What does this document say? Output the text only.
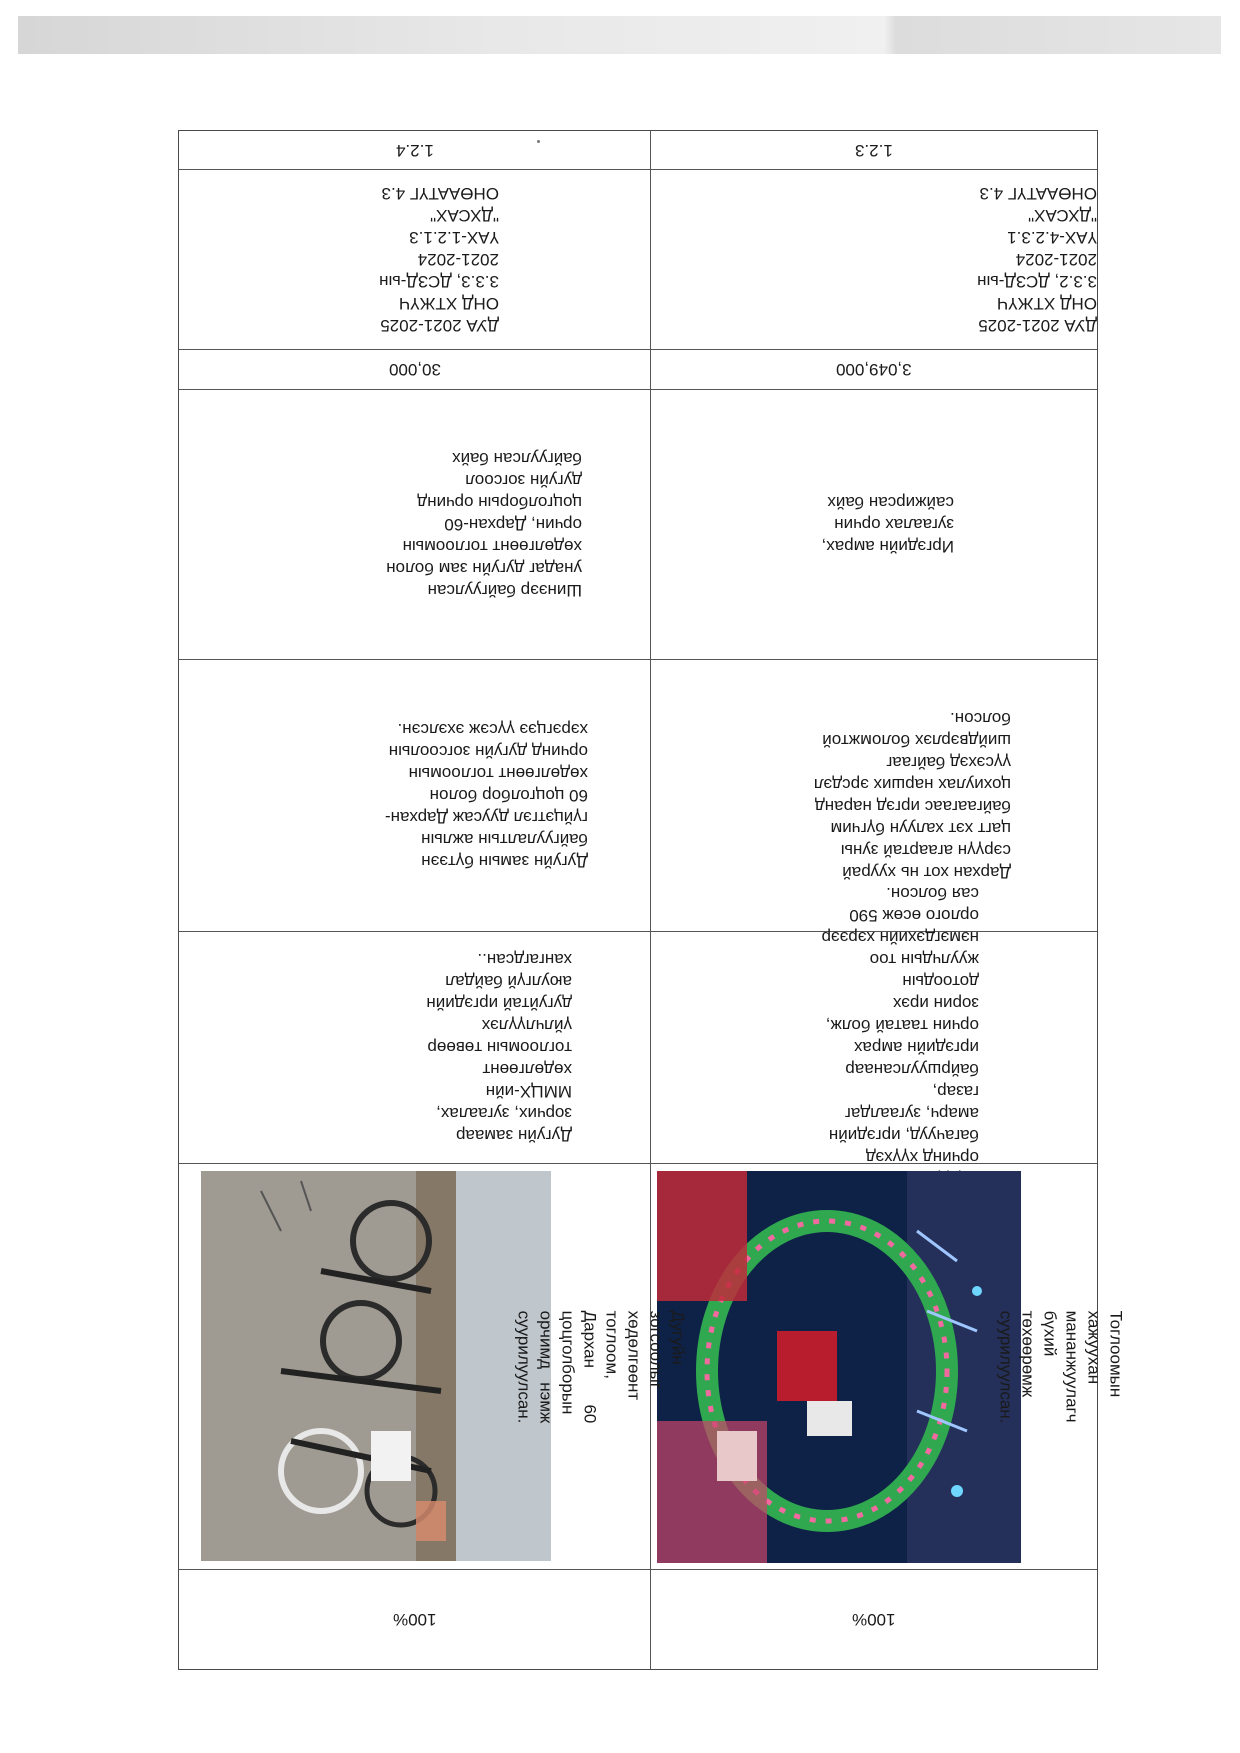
1.2.4
ДУА 2021-2025
ОНД ХТЖҮЧ
3.3.3, ДСЗД-ын
2021-2024
ҮАХ-1.2.1.3
"ДХСАХ"
ОНӨААТҮГ 4.3
30,000
Шинээр байгуулсан
унадаг дугуйн зам болон
хөдөлгөөнт тоглоомын
орчин, Дархан-60
цоцголборын орчинд
дугуйн зогсоол
байгуулсан байх
Дугуйн замын бүтээн
байгуулалтын ажлын
гүйцэтгэл дуусаж Дархан-
60 цоцголбор болон
хөдөлгөөнт тоглоомын
орчинд дугуйн зогсоолын
хэрэгцээ үүсэж эхэлсэн.
Дугуйн замаар
зорчих, зугаалах,
ММЦХ-ийн
хөдөлгөөнт
тоглоомын төвөөр
үйлчлүүлэх
дугуйтай иргэдийн
аюулгүй байдал
хангагдсан..
100%
1.2.3
ДУА 2021-2025
ОНД ХТЖҮЧ
3.3.2, ДСЗД-ын
2021-2024
ҮАХ-4.2.3.1
"ДХСАХ"
ОНӨААТҮГ 4.3
3,049,000
Иргэдийн амрах,
зугаалах орчин
сайжирсан байх
Дархан хот нь хуурай
сэрүүн агаартай зуны
цагт хэт халуун бүгчим
байгаагаас иргэд наранд
цохиулах нарших эрсдэл
үүсэхэд байгааг
шийдвэрлэх боломжтой
болсон.

орчинд хүүхэд
багачууд, иргэдийн
амарч, зугаалдаг
газар,
байршуулсанаар
иргэдийн амрах
орчин таатай болж,
зорин ирэх
дотоодын
жуулчдын тоо
нэмэгдэхийн хэрээр
орлого өсөж 590
сая болсон.
Тоглоомын хажуухан мананжуулагч
бүхий төхөөрөмж суурилуулсан.
Дугуйн зогсоолыг хөдөлгөөнт
тоглоом, Дархан 60 цоцголборын
орчимд нэмж суурилуулсан.
100%
